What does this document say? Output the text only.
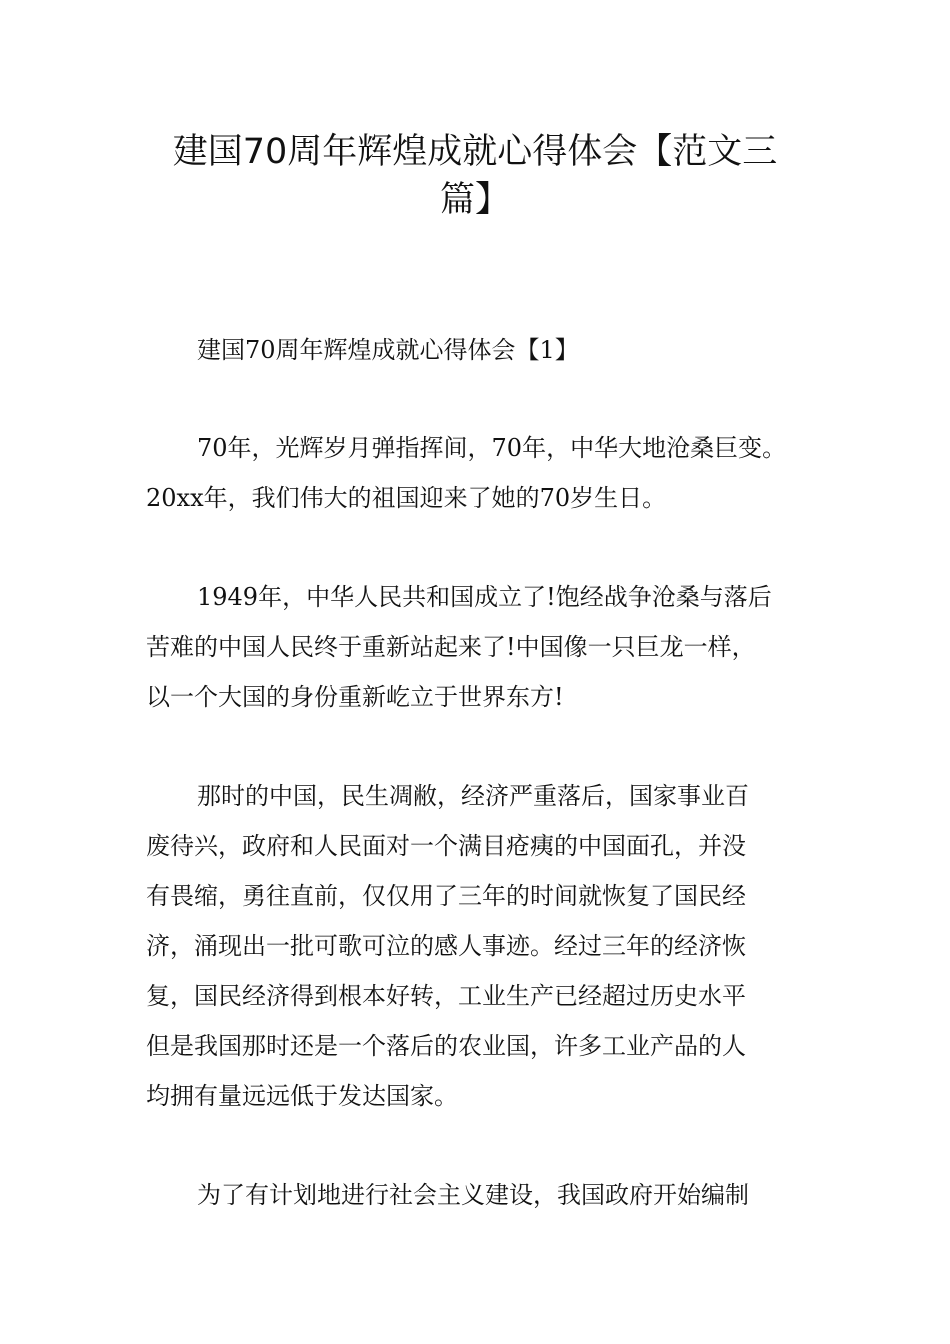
建国70周年辉煌成就心得体会【范文三
篇】
建国70周年辉煌成就心得体会【1】
70年，光辉岁月弹指挥间，70年，中华大地沧桑巨变。
20xx年，我们伟大的祖国迎来了她的70岁生日。
1949年，中华人民共和国成立了!饱经战争沧桑与落后
苦难的中国人民终于重新站起来了!中国像一只巨龙一样，
以一个大国的身份重新屹立于世界东方!
那时的中国，民生凋敝，经济严重落后，国家事业百
废待兴，政府和人民面对一个满目疮痍的中国面孔，并没
有畏缩，勇往直前，仅仅用了三年的时间就恢复了国民经
济，涌现出一批可歌可泣的感人事迹。经过三年的经济恢
复，国民经济得到根本好转，工业生产已经超过历史水平
但是我国那时还是一个落后的农业国，许多工业产品的人
均拥有量远远低于发达国家。
为了有计划地进行社会主义建设，我国政府开始编制
